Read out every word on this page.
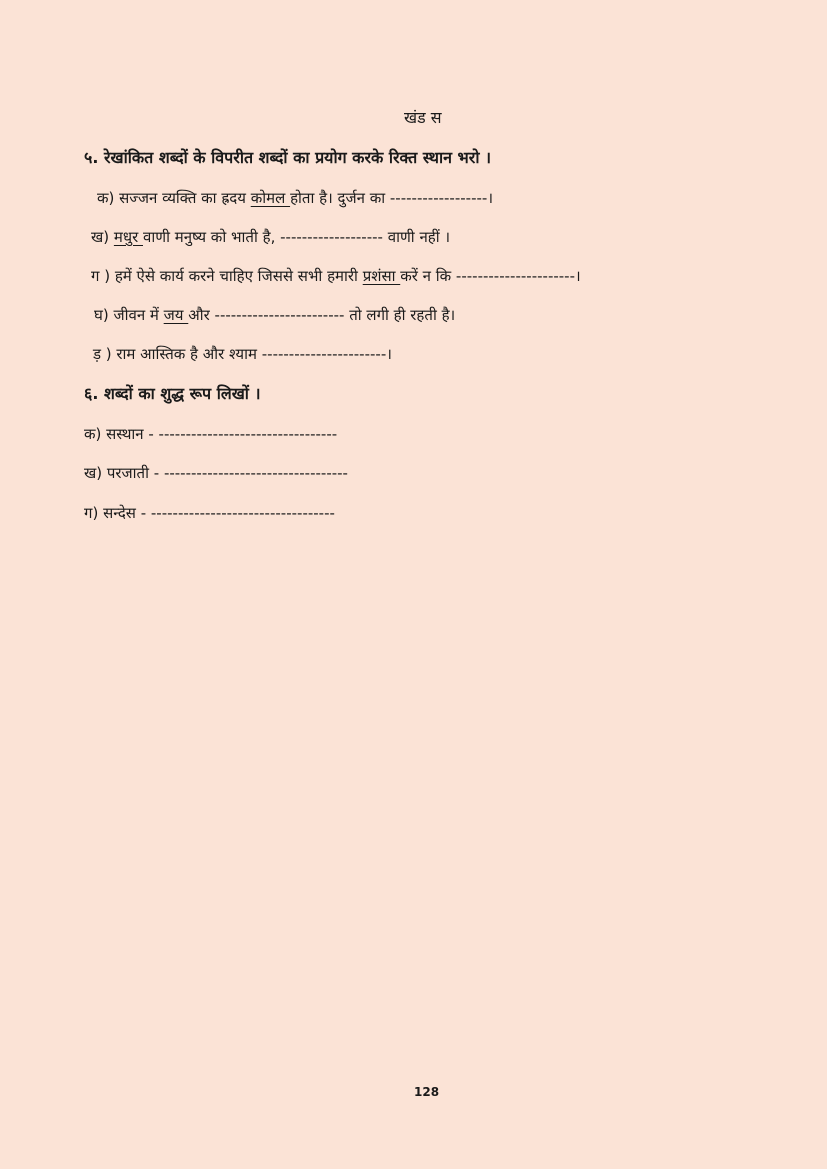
खंड स
५. रेखांकित शब्दों के विपरीत शब्दों का प्रयोग करके रिक्त स्थान भरो ।
क) सज्जन व्यक्ति का ह्रदय कोमल होता है। दुर्जन का ------------------।
ख) मधुर वाणी मनुष्य को भाती है, ------------------- वाणी नहीं ।
ग ) हमें ऐसे कार्य करने चाहिए जिससे सभी हमारी प्रशंसा करें न कि ----------------------।
घ) जीवन में जय और ------------------------ तो लगी ही रहती है।
ड़ ) राम आस्तिक है और श्याम -----------------------।
६. शब्दों का शुद्ध रूप लिखों ।
क) सस्थान - ---------------------------------
ख) परजाती - ----------------------------------
ग) सन्देस - ----------------------------------
128
